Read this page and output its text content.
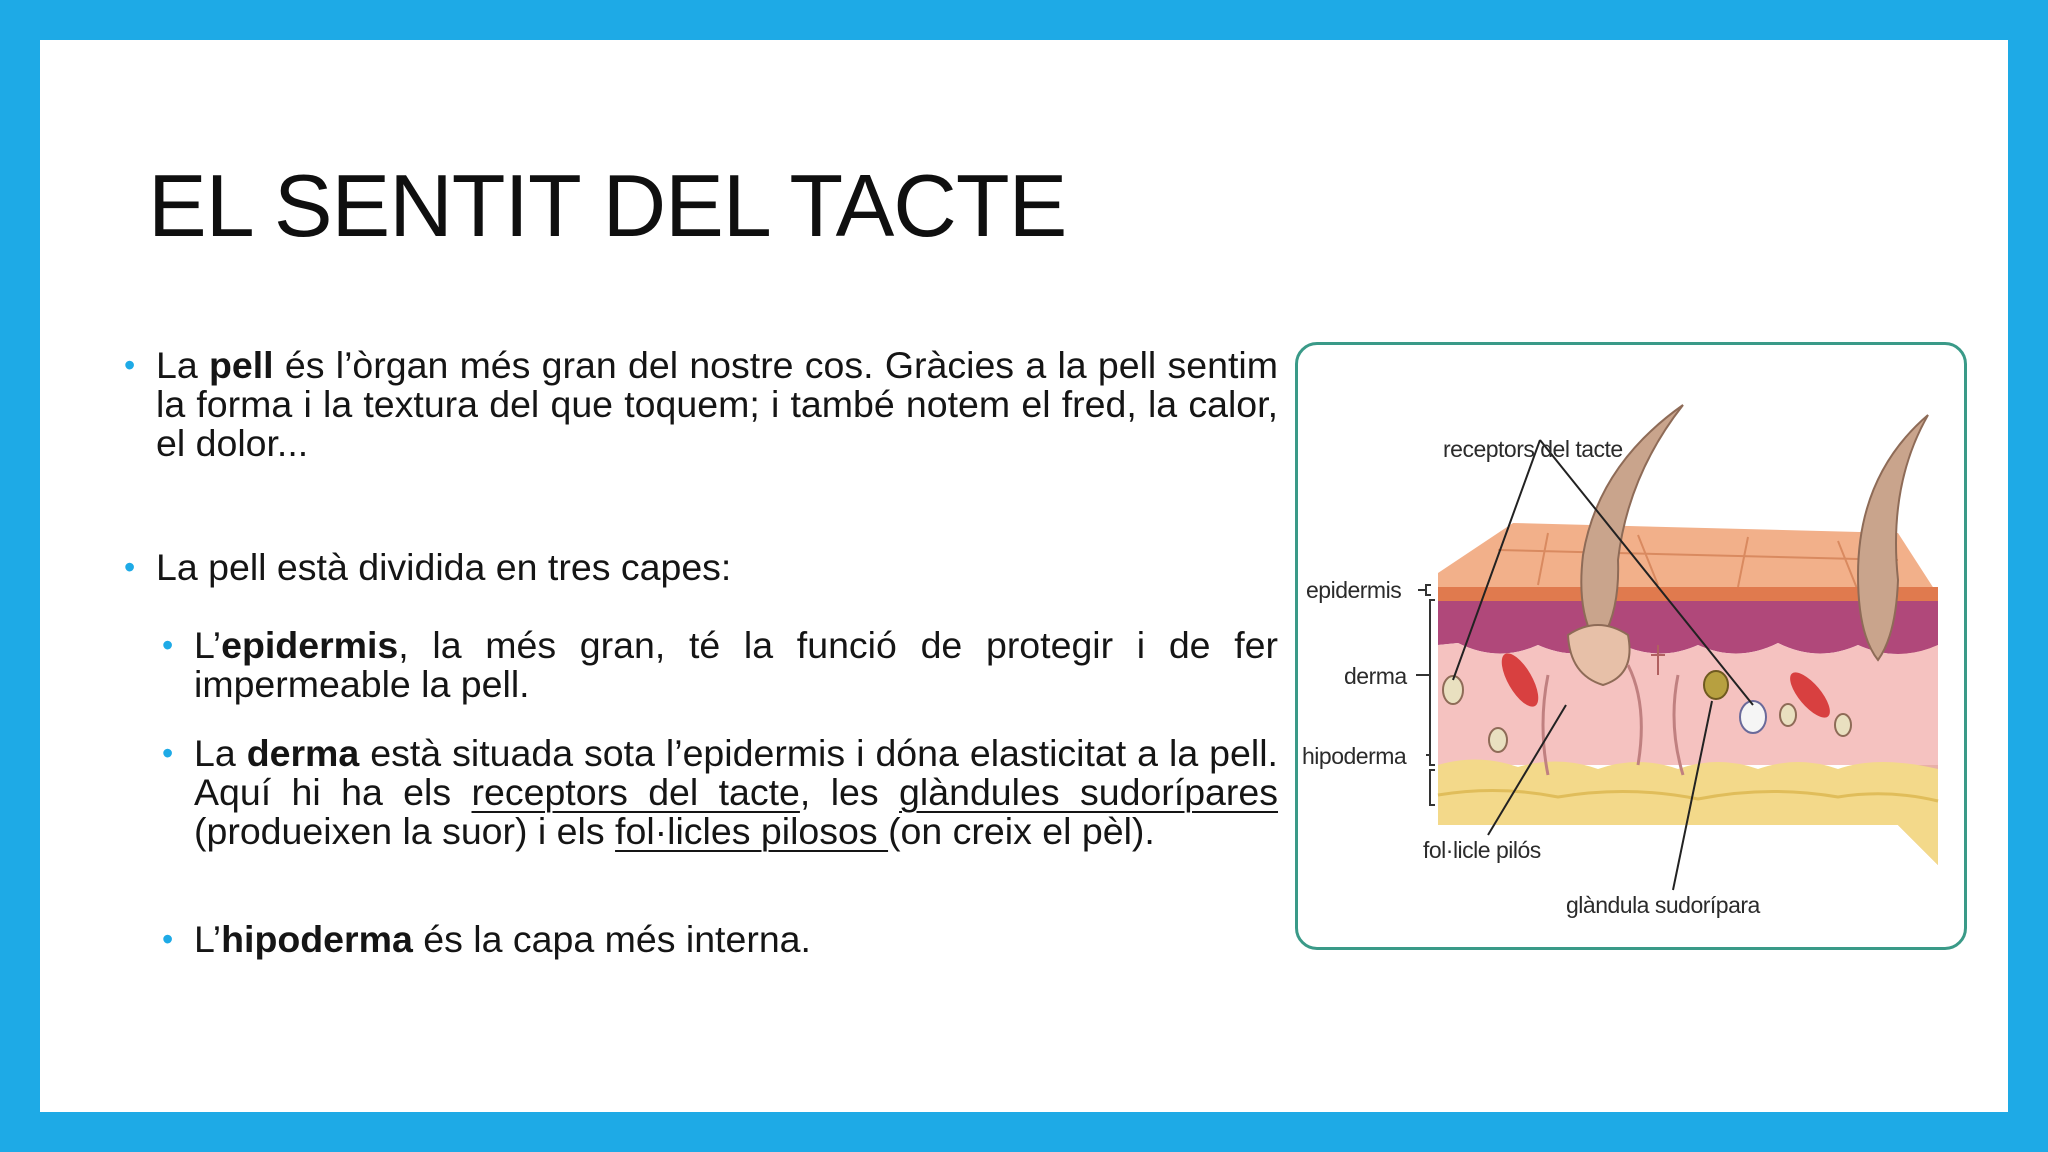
EL SENTIT DEL TACTE
• La pell és l’òrgan més gran del nostre cos. Gràcies a la pell sentim la forma i la textura del que toquem; i també notem el fred, la calor, el dolor...
• La pell està dividida en tres capes:
• L’epidermis, la més gran, té la funció de protegir i de fer impermeable la pell.
• La derma està situada sota l’epidermis i dóna elasticitat a la pell. Aquí hi ha els receptors del tacte, les glàndules sudorípares (produeixen la suor) i els fol·licles pilosos (on creix el pèl).
• L’hipoderma és la capa més interna.
receptors del tacte
epidermis
derma
hipoderma
fol·licle pilós
glàndula sudorípara
